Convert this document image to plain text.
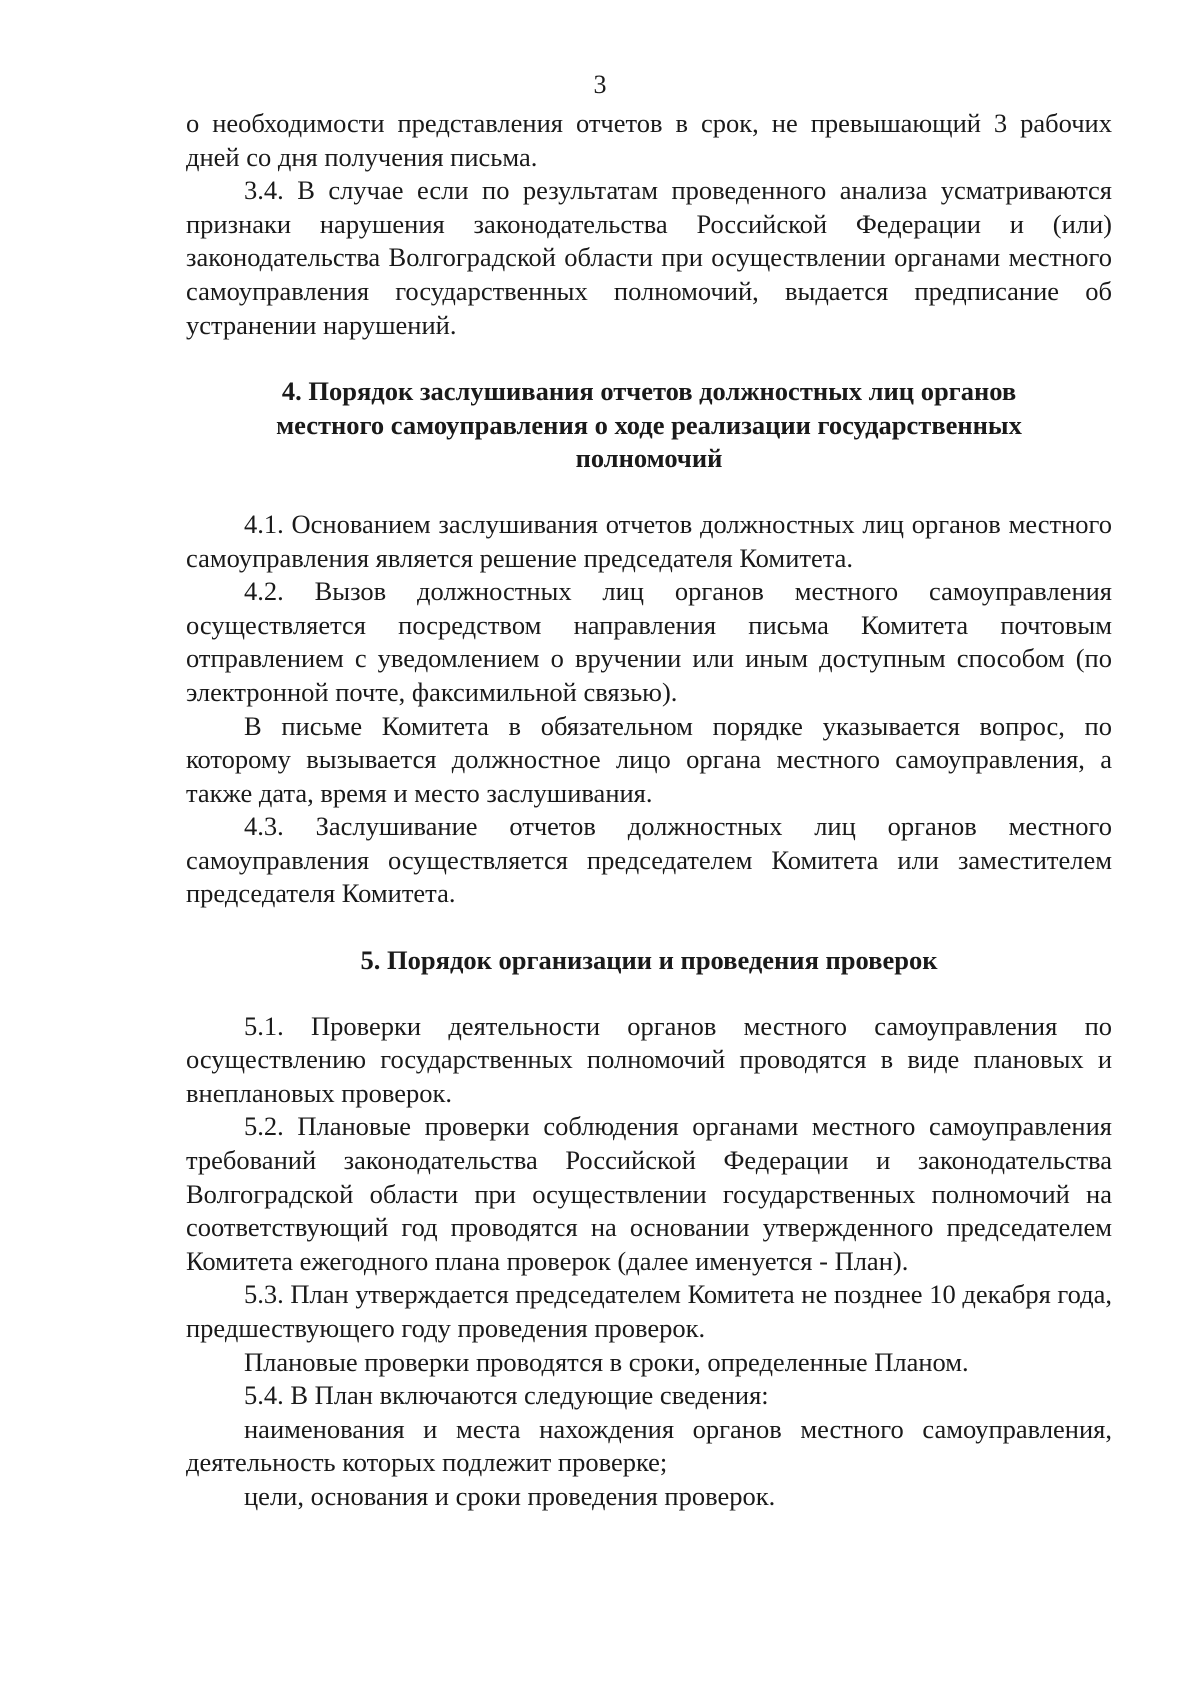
3

о необходимости представления отчетов в срок, не превышающий 3 рабочих дней со дня получения письма.

3.4. В случае если по результатам проведенного анализа усматриваются признаки нарушения законодательства Российской Федерации и (или) законодательства Волгоградской области при осуществлении органами местного самоуправления государственных полномочий, выдается предписание об устранении нарушений.

4. Порядок заслушивания отчетов должностных лиц органов
местного самоуправления о ходе реализации государственных
полномочий

4.1. Основанием заслушивания отчетов должностных лиц органов местного самоуправления является решение председателя Комитета.

4.2. Вызов должностных лиц органов местного самоуправления осуществляется посредством направления письма Комитета почтовым отправлением с уведомлением о вручении или иным доступным способом (по электронной почте, факсимильной связью).

В письме Комитета в обязательном порядке указывается вопрос, по которому вызывается должностное лицо органа местного самоуправления, а также дата, время и место заслушивания.

4.3. Заслушивание отчетов должностных лиц органов местного самоуправления осуществляется председателем Комитета или заместителем председателя Комитета.

5. Порядок организации и проведения проверок

5.1. Проверки деятельности органов местного самоуправления по осуществлению государственных полномочий проводятся в виде плановых и внеплановых проверок.

5.2. Плановые проверки соблюдения органами местного самоуправления требований законодательства Российской Федерации и законодательства Волгоградской области при осуществлении государственных полномочий на соответствующий год проводятся на основании утвержденного председателем Комитета ежегодного плана проверок (далее именуется - План).

5.3. План утверждается председателем Комитета не позднее 10 декабря года, предшествующего году проведения проверок.

Плановые проверки проводятся в сроки, определенные Планом.

5.4. В План включаются следующие сведения:

наименования и места нахождения органов местного самоуправления, деятельность которых подлежит проверке;

цели, основания и сроки проведения проверок.
